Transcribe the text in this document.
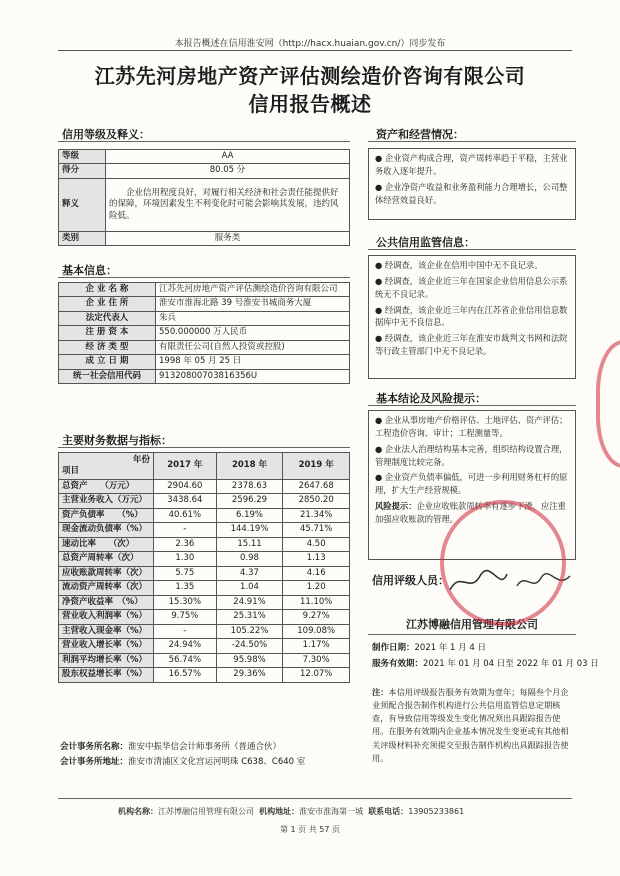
本报告概述在信用淮安网（http://hacx.huaian.gov.cn/）同步发布
江苏先河房地产资产评估测绘造价咨询有限公司
信用报告概述
信用等级及释义：
等级	AA
得分	80.05 分
释义	企业信用程度良好，对履行相关经济和社会责任能提供好的保障，环境因素发生不利变化时可能会影响其发展，违约风险低。
类别	服务类
基本信息：
企 业 名 称	江苏先河房地产资产评估测绘造价咨询有限公司
企 业 住 所	淮安市淮海北路 39 号淮安书城商务大厦
法定代表人	朱兵
注 册 资 本	550.000000 万人民币
经 济 类 型	有限责任公司(自然人投资或控股)
成 立 日 期	1998 年 05 月 25 日
统一社会信用代码	91320800703816356U
主要财务数据与指标：
年份
项目	2017 年	2018 年	2019 年
总资产　　（万元）	2904.60	2378.63	2647.68
主营业务收入（万元）	3438.64	2596.29	2850.20
资产负债率　　（%）	40.61%	6.19%	21.34%
现金流动负债率（%）	-	144.19%	45.71%
速动比率　　（次）	2.36	15.11	4.50
总资产周转率（次）	1.30	0.98	1.13
应收账款周转率（次）	5.75	4.37	4.16
流动资产周转率（次）	1.35	1.04	1.20
净资产收益率　（%）	15.30%	24.91%	11.10%
营业收入利润率（%）	9.75%	25.31%	9.27%
主营收入现金率（%）	-	105.22%	109.08%
营业收入增长率（%）	24.94%	-24.50%	1.17%
利润平均增长率（%）	56.74%	95.98%	7.30%
股东权益增长率（%）	16.57%	29.36%	12.07%
会计事务所名称：淮安中振华信会计师事务所（普通合伙）
会计事务所地址：淮安市清浦区文化宫运河明珠 C638、C640 室
资产和经营情况：

● 企业资产构成合理，资产周转率趋于平稳，主营业务收入逐年提升。

● 企业净资产收益和业务盈利能力合理增长，公司整体经营效益良好。

公共信用监管信息：

● 经调查，该企业在信用中国中无不良记录。

● 经调查，该企业近三年在国家企业信用信息公示系统无不良记录。

● 经调查，该企业近三年内在江苏省企业信用信息数据库中无不良信息。

● 经调查，该企业近三年在淮安市裁判文书网和法院等行政主管部门中无不良记录。

基本结论及风险提示：

● 企业从事房地产价格评估、土地评估、资产评估；工程造价咨询、审计；工程测量等。

● 企业法人治理结构基本完善，组织结构设置合理，管理制度比较完备。

● 企业资产负债率偏低，可进一步利用财务杠杆的原理，扩大生产经营规模。

风险提示：企业应收账款周转率有逐步下滑，应注重加强应收账款的管理。

信用评级人员：
江苏博融信用管理有限公司
制作日期：2021 年 1 月 4 日
服务有效期：2021 年 01 月 04 日至 2022 年 01 月 03 日
注：本信用评级报告服务有效期为壹年；每隔叁个月企业须配合报告制作机构进行公共信用监管信息定期核查，有导致信用等级发生变化情况须出具跟踪报告使用。在服务有效期内企业基本情况发生变更或有其他相关评级材料补充须提交至报告制作机构出具跟踪报告使用。
机构名称：江苏博融信用管理有限公司 机构地址：淮安市淮海第一城 联系电话：13905233861
第 1 页 共 57 页
